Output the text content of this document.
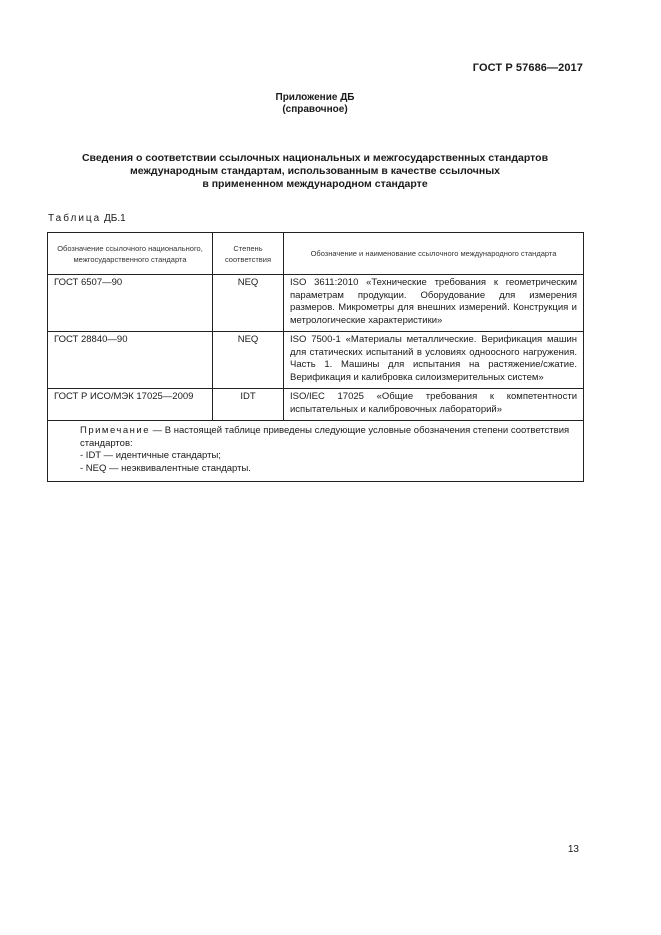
ГОСТ Р 57686—2017
Приложение ДБ
(справочное)
Сведения о соответствии ссылочных национальных и межгосударственных стандартов
международным стандартам, использованным в качестве ссылочных
в примененном международном стандарте
Таблица ДБ.1
Обозначение ссылочного национального, межгосударственного стандарта	Степень соответствия	Обозначение и наименование ссылочного международного стандарта
ГОСТ 6507—90	NEQ	ISO 3611:2010 «Технические требования к геометрическим параметрам продукции. Оборудование для измерения размеров. Микрометры для внешних измерений. Конструкция и метрологические характеристики»
ГОСТ 28840—90	NEQ	ISO 7500-1 «Материалы металлические. Верификация машин для статических испытаний в условиях одноосного нагружения. Часть 1. Машины для испытания на растяжение/сжатие. Верификация и калибровка силоизмерительных систем»
ГОСТ Р ИСО/МЭК 17025—2009	IDT	ISO/IEC 17025 «Общие требования к компетентности испытательных и калибровочных лабораторий»

Примечание — В настоящей таблице приведены следующие условные обозначения степени соответствия стандартов:
- IDT — идентичные стандарты;
- NEQ — неэквивалентные стандарты.		
13
